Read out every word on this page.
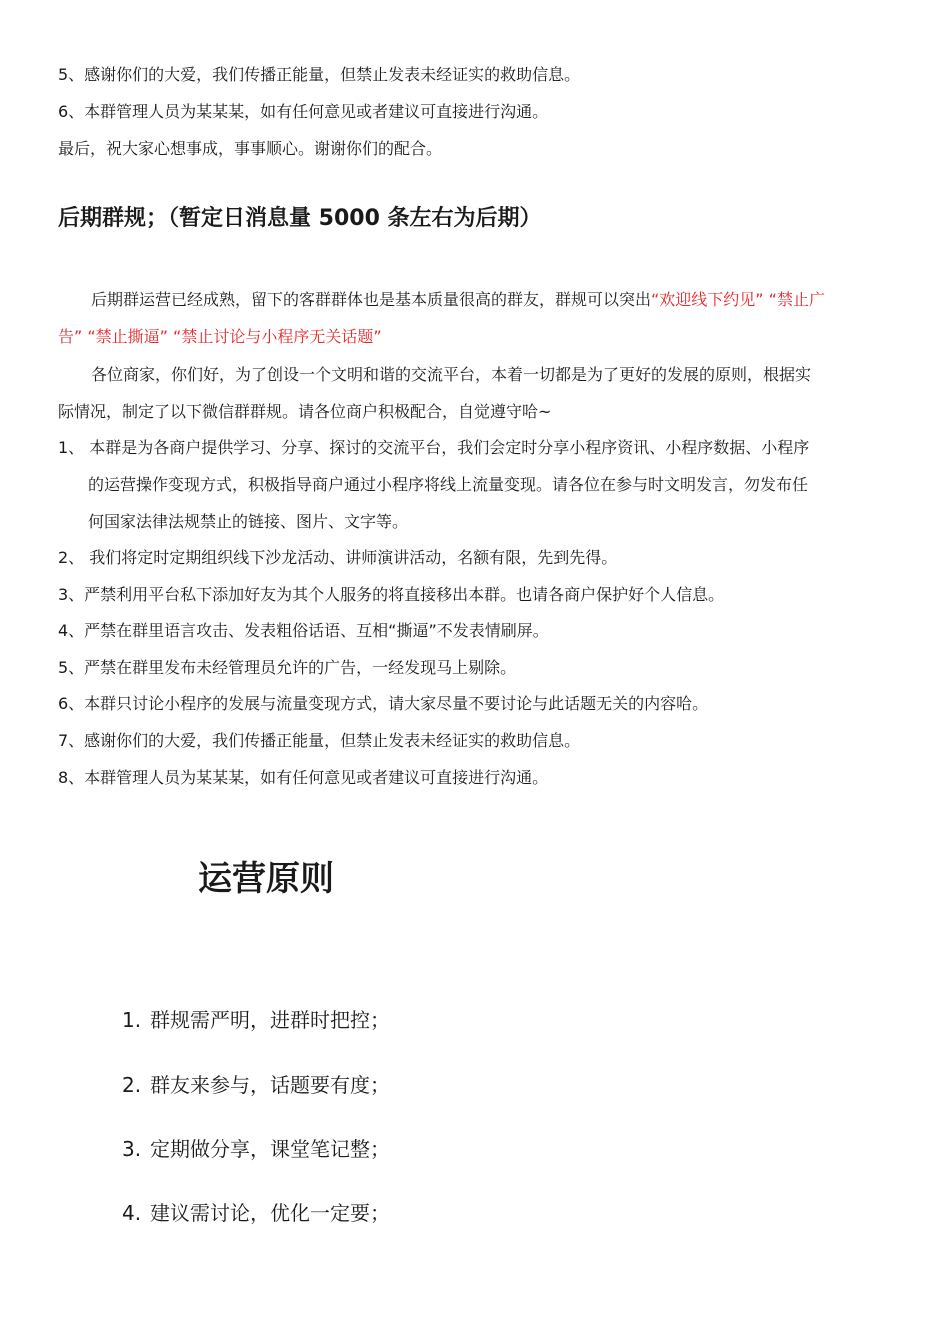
5、感谢你们的大爱，我们传播正能量，但禁止发表未经证实的救助信息。

6、本群管理人员为某某某，如有任何意见或者建议可直接进行沟通。

最后，祝大家心想事成，事事顺心。谢谢你们的配合。

后期群规；（暂定日消息量 5000 条左右为后期）

后期群运营已经成熟，留下的客群群体也是基本质量很高的群友，群规可以突出“欢迎线下约见” “禁止广

告” “禁止撕逼” “禁止讨论与小程序无关话题”

各位商家，你们好，为了创设一个文明和谐的交流平台，本着一切都是为了更好的发展的原则，根据实

际情况，制定了以下微信群群规。请各位商户积极配合，自觉遵守哈~

1、 本群是为各商户提供学习、分享、探讨的交流平台，我们会定时分享小程序资讯、小程序数据、小程序

的运营操作变现方式，积极指导商户通过小程序将线上流量变现。请各位在参与时文明发言，勿发布任

何国家法律法规禁止的链接、图片、文字等。

2、 我们将定时定期组织线下沙龙活动、讲师演讲活动，名额有限，先到先得。

3、严禁利用平台私下添加好友为其个人服务的将直接移出本群。也请各商户保护好个人信息。

4、严禁在群里语言攻击、发表粗俗话语、互相“撕逼”不发表情刷屏。

5、严禁在群里发布未经管理员允许的广告，一经发现马上剔除。

6、本群只讨论小程序的发展与流量变现方式，请大家尽量不要讨论与此话题无关的内容哈。

7、感谢你们的大爱，我们传播正能量，但禁止发表未经证实的救助信息。

8、本群管理人员为某某某，如有任何意见或者建议可直接进行沟通。

运营原则

1. 群规需严明，进群时把控；

2. 群友来参与，话题要有度；

3. 定期做分享，课堂笔记整；

4. 建议需讨论，优化一定要；
